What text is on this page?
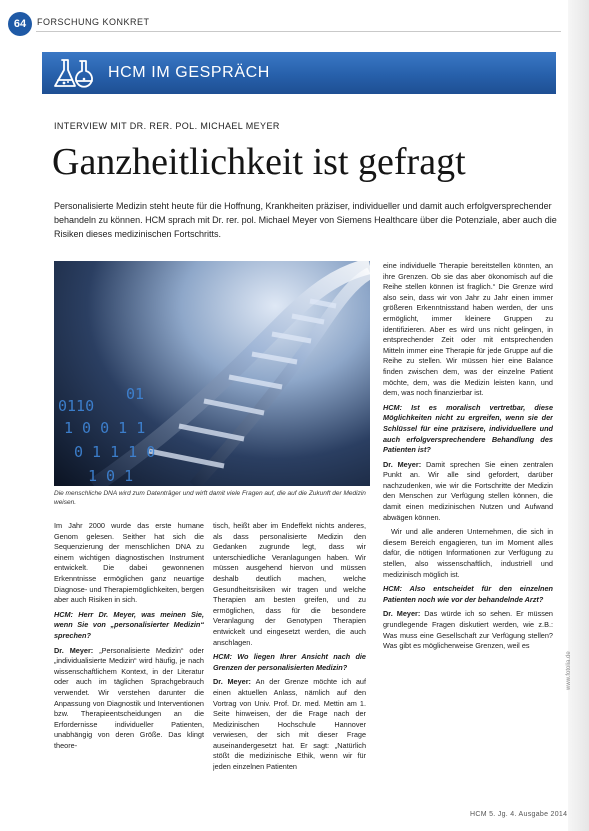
64	FORSCHUNG KONKRET
HCM IM GESPRÄCH
INTERVIEW MIT DR. RER. POL. MICHAEL MEYER
Ganzheitlichkeit ist gefragt
Personalisierte Medizin steht heute für die Hoffnung, Krankheiten präziser, individueller und damit auch erfolgversprechender behandeln zu können. HCM sprach mit Dr. rer. pol. Michael Meyer von Siemens Healthcare über die Potenziale, aber auch die Risiken dieses medizinischen Fortschritts.
0110
1 0 0 1 1
0 1 1 1 0
1 0 1
01
Die menschliche DNA wird zum Datenträger und wirft damit viele Fragen auf, die auf die Zukunft der Medizin weisen.

Im Jahr 2000 wurde das erste humane Genom gelesen. Seither hat sich die Sequenzierung der menschlichen DNA zu einem wichtigen diagnostischen Instrument entwickelt. Die dabei gewonnenen Erkenntnisse ermöglichen ganz neuartige Diagnose- und Therapiemöglichkeiten, bergen aber auch Risiken in sich.

HCM: Herr Dr. Meyer, was meinen Sie, wenn Sie von „personalisierter Medizin“ sprechen?

Dr. Meyer: „Personalisierte Medizin“ oder „individualisierte Medizin“ wird häufig, je nach wissenschaftlichem Kontext, in der Literatur oder auch im täglichen Sprachgebrauch verwendet. Wir verstehen darunter die Anpassung von Diagnostik und Interventionen bzw. Therapieentscheidungen an die Erfordernisse individueller Patienten, unabhängig von deren Größe. Das klingt theore-

tisch, heißt aber im Endeffekt nichts anderes, als dass personalisierte Medizin den Gedanken zugrunde legt, dass wir unterschiedliche Veranlagungen haben. Wir müssen ausgehend hiervon und müssen deshalb deutlich machen, welche Gesundheitsrisiken wir tragen und welche Therapien am besten greifen, und zu ermöglichen, dass für die besondere Veranlagung der Genotypen Therapien entwickelt und eingesetzt werden, die auch anschlagen.

HCM: Wo liegen Ihrer Ansicht nach die Grenzen der personalisierten Medizin?

Dr. Meyer: An der Grenze möchte ich auf einen aktuellen Anlass, nämlich auf den Vortrag von Univ. Prof. Dr. med. Mettin am 1. Seite hinweisen, der die Frage nach der Medizinischen Hochschule Hannover verwiesen, der sich mit dieser Frage auseinandergesetzt hat. Er sagt: „Natürlich stößt die medizinische Ethik, wenn wir für jeden einzelnen Patienten

eine individuelle Therapie bereitstellen könnten, an ihre Grenzen. Ob sie das aber ökonomisch auf die Reihe stellen können ist fraglich.“ Die Grenze wird also sein, dass wir von Jahr zu Jahr einen immer größeren Erkenntnisstand haben werden, der uns ermöglicht, immer kleinere Gruppen zu identifizieren. Aber es wird uns nicht gelingen, in entsprechender Zeit oder mit entsprechenden Mitteln immer eine Therapie für jede Gruppe auf die Reihe zu stellen. Wir müssen hier eine Balance finden zwischen dem, was der einzelne Patient möchte, dem, was die Medizin leisten kann, und dem, was noch finanzierbar ist.

HCM: Ist es moralisch vertretbar, diese Möglichkeiten nicht zu ergreifen, wenn sie der Schlüssel für eine präzisere, individuellere und auch erfolgversprechendere Behandlung des Patienten ist?

Dr. Meyer: Damit sprechen Sie einen zentralen Punkt an. Wir alle sind gefordert, darüber nachzudenken, wie wir die Fortschritte der Medizin den Menschen zur Verfügung stellen können, die damit einen medizinischen Nutzen und Aufwand abwägen können.

Wir und alle anderen Unternehmen, die sich in diesem Bereich engagieren, tun im Moment alles dafür, die nötigen Informationen zur Verfügung zu stellen, also wissenschaftlich, industriell und medizinisch möglich ist.

HCM: Also entscheidet für den einzelnen Patienten noch wie vor der behandelnde Arzt?

Dr. Meyer: Das würde ich so sehen. Er müssen grundlegende Fragen diskutiert werden, wie z.B.: Was muss eine Gesellschaft zur Verfügung stellen? Was gibt es möglicherweise Grenzen, weil es

HCM 5. Jg. 4. Ausgabe 2014
www.fotolia.de
